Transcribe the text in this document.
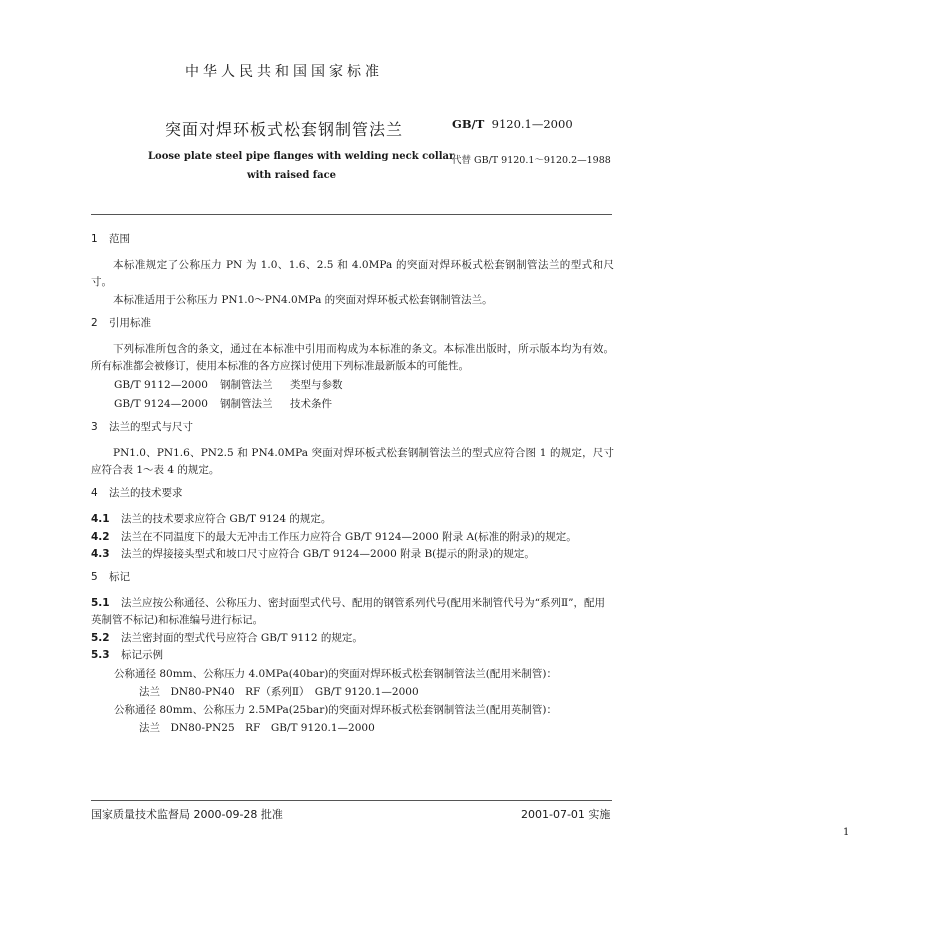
中华人民共和国国家标准
突面对焊环板式松套钢制管法兰	GB/T 9120.1—2000
Loose plate steel pipe flanges with welding neck collar
with raised face
代替 GB/T 9120.1～9120.2—1988
1 范围
本标准规定了公称压力 PN 为 1.0、1.6、2.5 和 4.0MPa 的突面对焊环板式松套钢制管法兰的型式和尺寸。
本标准适用于公称压力 PN1.0～PN4.0MPa 的突面对焊环板式松套钢制管法兰。
2 引用标准
下列标准所包含的条文，通过在本标准中引用而构成为本标准的条文。本标准出版时，所示版本均为有效。所有标准都会被修订，使用本标准的各方应探讨使用下列标准最新版本的可能性。
GB/T 9112—2000 钢制管法兰 类型与参数
GB/T 9124—2000 钢制管法兰 技术条件
3 法兰的型式与尺寸
PN1.0、PN1.6、PN2.5 和 PN4.0MPa 突面对焊环板式松套钢制管法兰的型式应符合图 1 的规定，尺寸应符合表 1～表 4 的规定。
4 法兰的技术要求
4.1 法兰的技术要求应符合 GB/T 9124 的规定。
4.2 法兰在不同温度下的最大无冲击工作压力应符合 GB/T 9124—2000 附录 A(标准的附录)的规定。
4.3 法兰的焊接接头型式和坡口尺寸应符合 GB/T 9124—2000 附录 B(提示的附录)的规定。
5 标记
5.1 法兰应按公称通径、公称压力、密封面型式代号、配用的钢管系列代号(配用米制管代号为“系列Ⅱ”，配用英制管不标记)和标准编号进行标记。
5.2 法兰密封面的型式代号应符合 GB/T 9112 的规定。
5.3 标记示例
公称通径 80mm、公称压力 4.0MPa(40bar)的突面对焊环板式松套钢制管法兰(配用米制管)：
法兰　DN80-PN40　RF（系列Ⅱ）　GB/T 9120.1—2000
公称通径 80mm、公称压力 2.5MPa(25bar)的突面对焊环板式松套钢制管法兰(配用英制管)：
法兰　DN80-PN25　RF　GB/T 9120.1—2000
国家质量技术监督局 2000-09-28 批准	2001-07-01 实施
1
